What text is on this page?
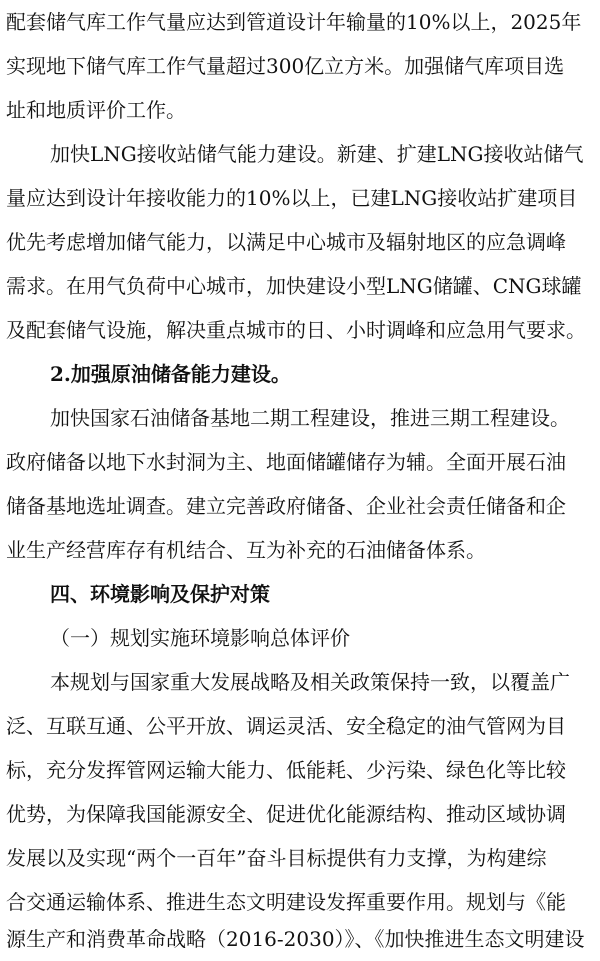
配套储气库工作气量应达到管道设计年输量的10%以上，2025年
实现地下储气库工作气量超过300亿立方米。加强储气库项目选
址和地质评价工作。
加快LNG接收站储气能力建设。新建、扩建LNG接收站储气
量应达到设计年接收能力的10%以上，已建LNG接收站扩建项目
优先考虑增加储气能力，以满足中心城市及辐射地区的应急调峰
需求。在用气负荷中心城市，加快建设小型LNG储罐、CNG球罐
及配套储气设施，解决重点城市的日、小时调峰和应急用气要求。
2.加强原油储备能力建设。
加快国家石油储备基地二期工程建设，推进三期工程建设。
政府储备以地下水封洞为主、地面储罐储存为辅。全面开展石油
储备基地选址调查。建立完善政府储备、企业社会责任储备和企
业生产经营库存有机结合、互为补充的石油储备体系。
四、环境影响及保护对策
（一）规划实施环境影响总体评价
本规划与国家重大发展战略及相关政策保持一致，以覆盖广
泛、互联互通、公平开放、调运灵活、安全稳定的油气管网为目
标，充分发挥管网运输大能力、低能耗、少污染、绿色化等比较
优势，为保障我国能源安全、促进优化能源结构、推动区域协调
发展以及实现“两个一百年”奋斗目标提供有力支撑，为构建综
合交通运输体系、推进生态文明建设发挥重要作用。规划与《能
源生产和消费革命战略（2016-2030）》、《加快推进生态文明建设
